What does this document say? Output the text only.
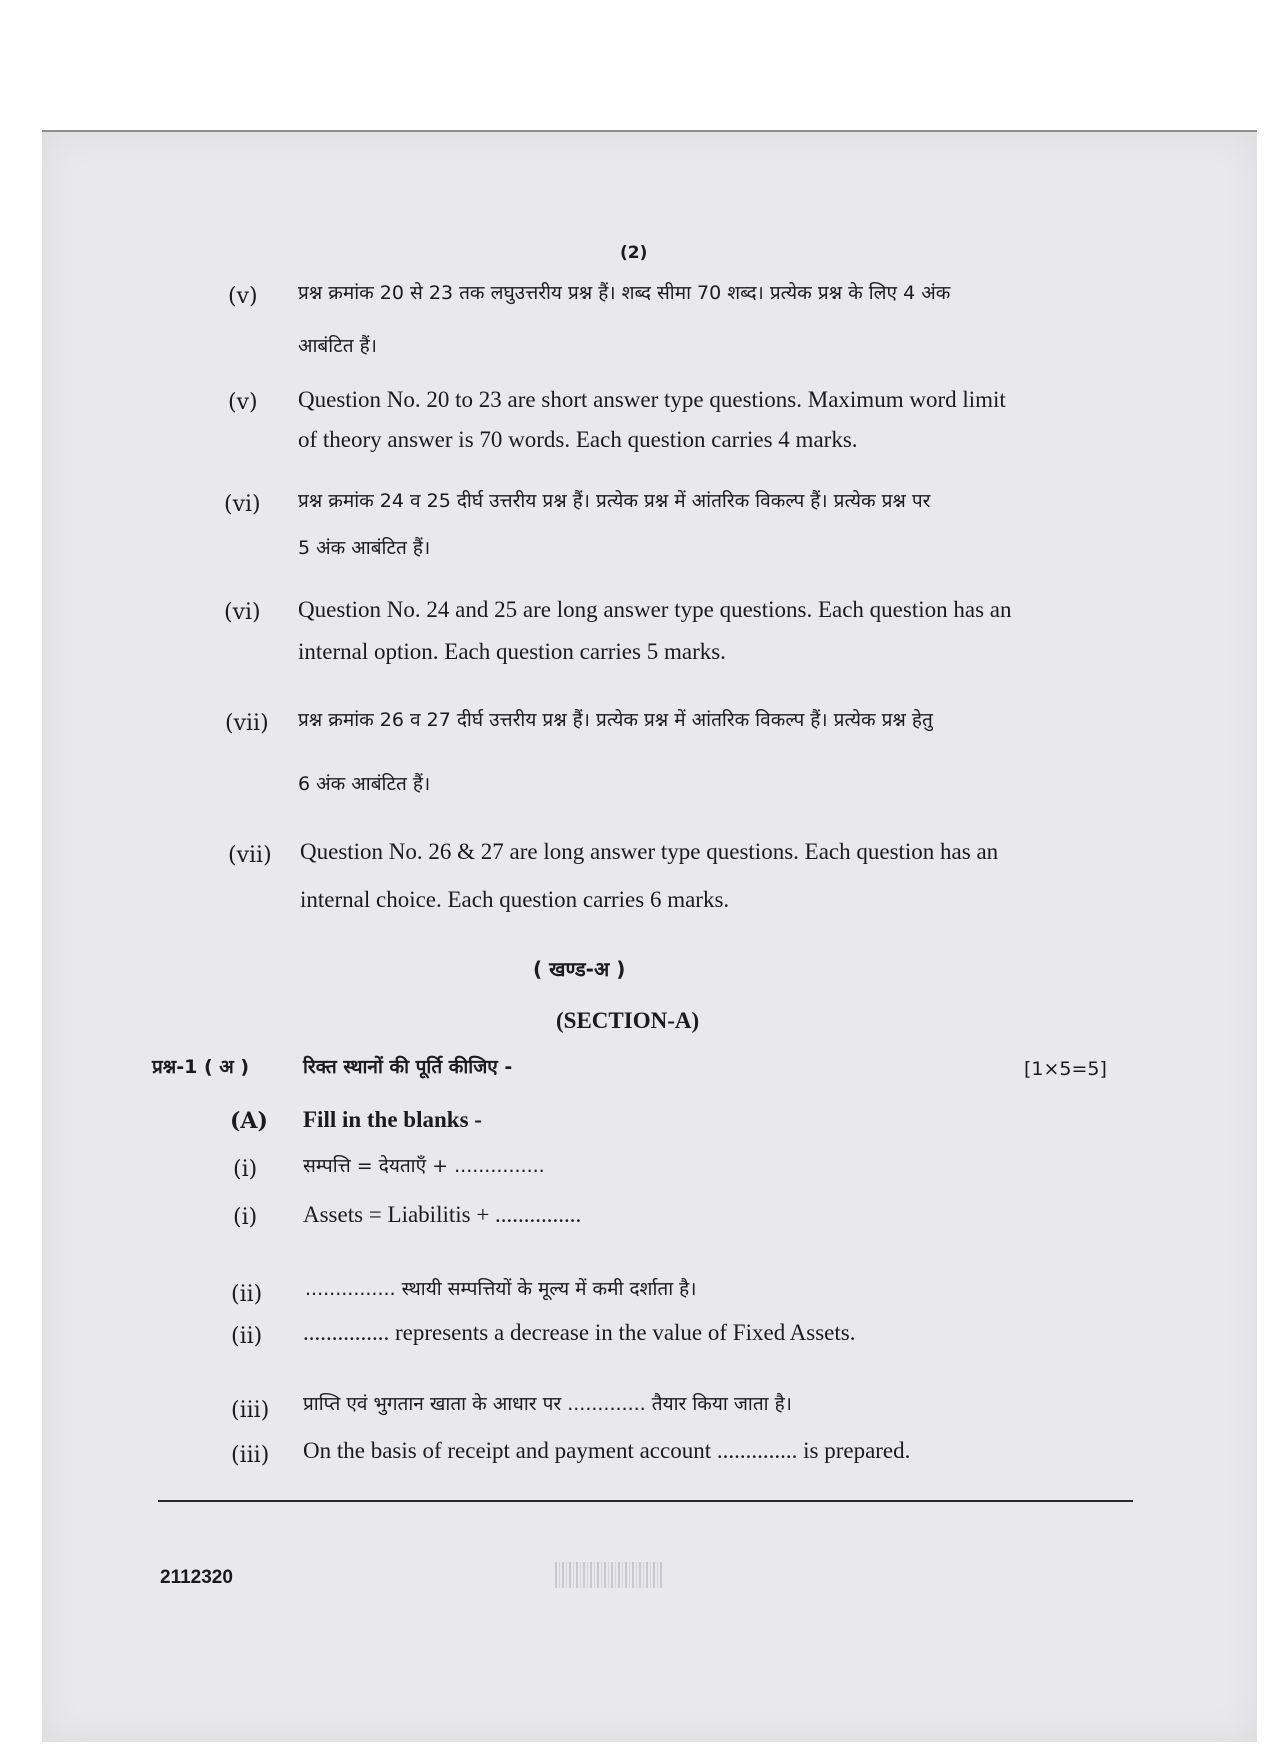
(2)
(v) प्रश्न क्रमांक 20 से 23 तक लघुउत्तरीय प्रश्न हैं। शब्द सीमा 70 शब्द। प्रत्येक प्रश्न के लिए 4 अंक
आबंटित हैं।
(v) Question No. 20 to 23 are short answer type questions. Maximum word limit
of theory answer is 70 words. Each question carries 4 marks.
(vi) प्रश्न क्रमांक 24 व 25 दीर्घ उत्तरीय प्रश्न हैं। प्रत्येक प्रश्न में आंतरिक विकल्प हैं। प्रत्येक प्रश्न पर
5 अंक आबंटित हैं।
(vi) Question No. 24 and 25 are long answer type questions. Each question has an
internal option. Each question carries 5 marks.
(vii) प्रश्न क्रमांक 26 व 27 दीर्घ उत्तरीय प्रश्न हैं। प्रत्येक प्रश्न में आंतरिक विकल्प हैं। प्रत्येक प्रश्न हेतु
6 अंक आबंटित हैं।
(vii) Question No. 26 & 27 are long answer type questions. Each question has an
internal choice. Each question carries 6 marks.
( खण्ड-अ )
(SECTION-A)
प्रश्न-1 ( अ )	रिक्त स्थानों की पूर्ति कीजिए -	[1×5=5]
(A) Fill in the blanks -
(i) सम्पत्ति = देयताएँ + ...............
(i) Assets = Liabilitis + ...............
(ii) ............... स्थायी सम्पत्तियों के मूल्य में कमी दर्शाता है।
(ii) ............... represents a decrease in the value of Fixed Assets.
(iii) प्राप्ति एवं भुगतान खाता के आधार पर ............. तैयार किया जाता है।
(iii) On the basis of receipt and payment account .............. is prepared.
2112320
